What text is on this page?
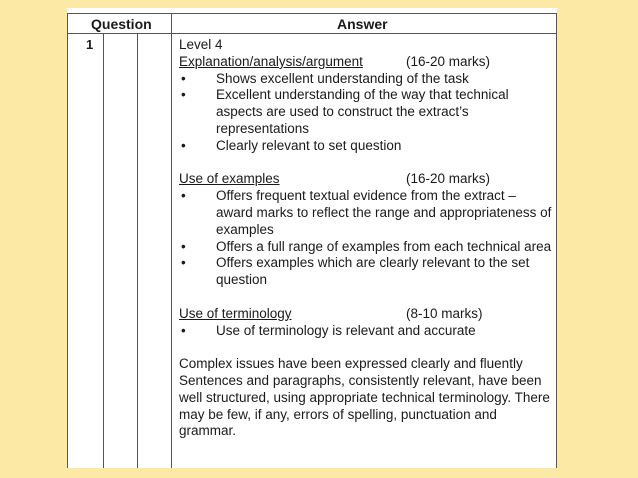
Question	Answer
1	Level 4

Explanation/analysis/argument	(16-20 marks)
• Shows excellent understanding of the task
• Excellent understanding of the way that technical aspects are used to construct the extract’s representations
• Clearly relevant to set question
Use of examples	(16-20 marks)
• Offers frequent textual evidence from the extract – award marks to reflect the range and appropriateness of examples
• Offers a full range of examples from each technical area
• Offers examples which are clearly relevant to the set question
Use of terminology	(8-10 marks)
• Use of terminology is relevant and accurate

Complex issues have been expressed clearly and fluently Sentences and paragraphs, consistently relevant, have been well structured, using appropriate technical terminology. There may be few, if any, errors of spelling, punctuation and grammar.
